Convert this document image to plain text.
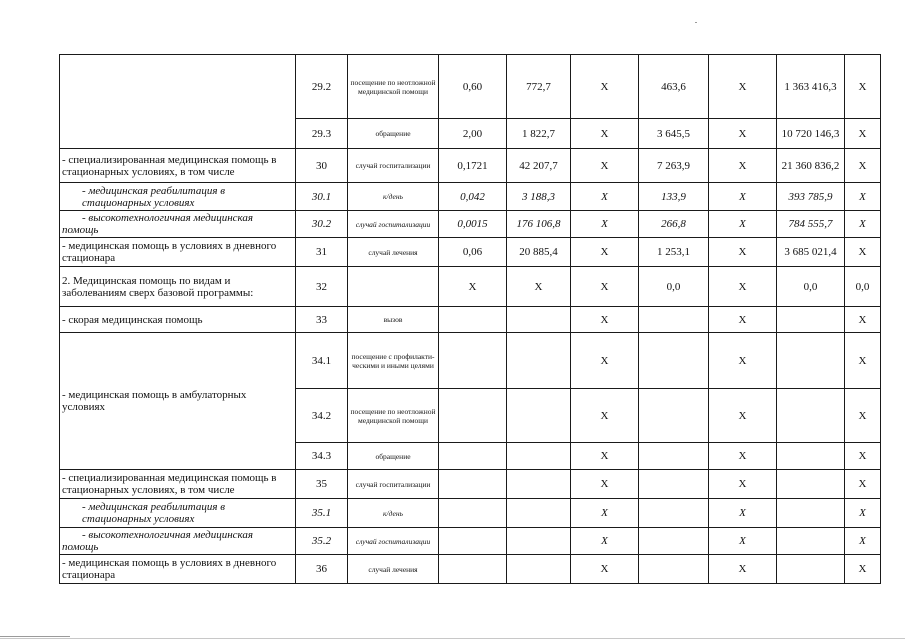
	29.2	посещение по неотложной медицинской помощи	0,60	772,7	Х	463,6	Х	1 363 416,3	Х
	29.3	обращение	2,00	1 822,7	Х	3 645,5	Х	10 720 146,3	Х
- специализированная медицинская помощь в стационарных условиях, в том числе	30	случай госпитализации	0,1721	42 207,7	Х	7 263,9	Х	21 360 836,2	Х
- медицинская реабилитация в стационарных условиях	30.1	к/день	0,042	3 188,3	Х	133,9	Х	393 785,9	Х
- высокотехнологичная медицинская помощь	30.2	случай госпитализации	0,0015	176 106,8	Х	266,8	Х	784 555,7	Х
- медицинская помощь в условиях в дневного стационара	31	случай лечения	0,06	20 885,4	Х	1 253,1	Х	3 685 021,4	Х
2. Медицинская помощь по видам и заболеваниям сверх базовой программы:	32		Х	Х	Х	0,0	Х	0,0	0,0
- скорая медицинская помощь	33	вызов			Х		Х		Х
- медицинская помощь в амбулаторных условиях	34.1	посещение с профилакти-ческими и иными целями			Х		Х		Х
	34.2	посещение по неотложной медицинской помощи			Х		Х		Х
	34.3	обращение			Х		Х		Х
- специализированная медицинская помощь в стационарных условиях, в том числе	35	случай госпитализации			Х		Х		Х
- медицинская реабилитация в стационарных условиях	35.1	к/день			Х		Х		Х
- высокотехнологичная медицинская помощь	35.2	случай госпитализации			Х		Х		Х
- медицинская помощь в условиях в дневного стационара	36	случай лечения			Х		Х		Х
